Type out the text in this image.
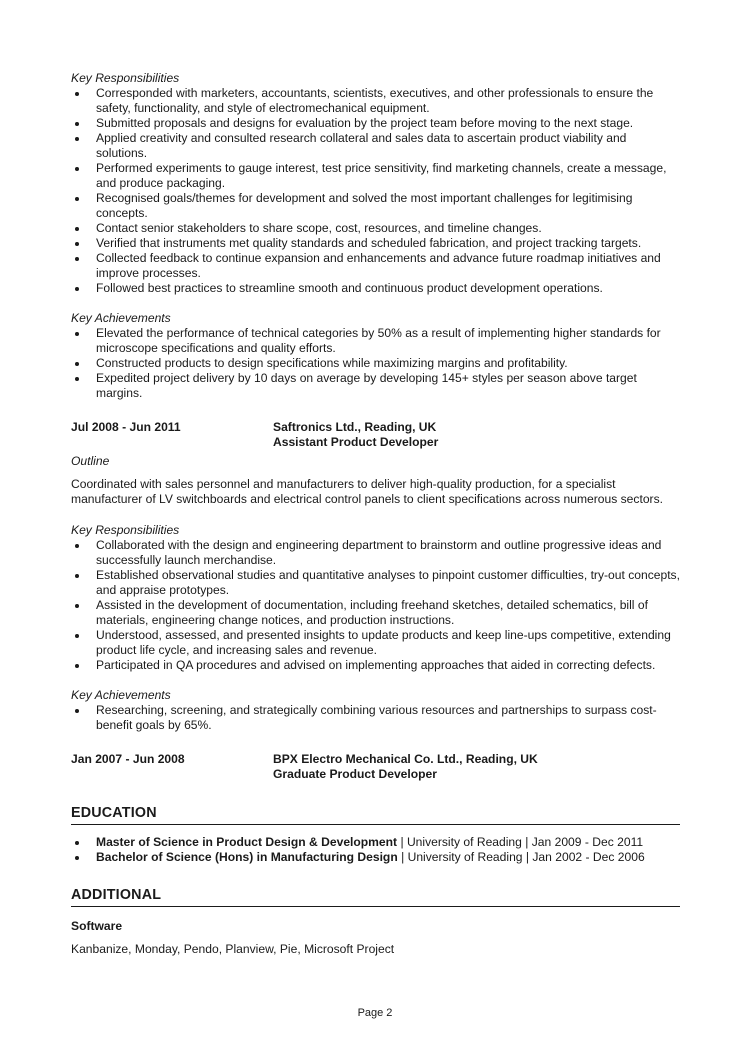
Key Responsibilities

Corresponded with marketers, accountants, scientists, executives, and other professionals to ensure the safety, functionality, and style of electromechanical equipment.
Submitted proposals and designs for evaluation by the project team before moving to the next stage.
Applied creativity and consulted research collateral and sales data to ascertain product viability and solutions.
Performed experiments to gauge interest, test price sensitivity, find marketing channels, create a message, and produce packaging.
Recognised goals/themes for development and solved the most important challenges for legitimising concepts.
Contact senior stakeholders to share scope, cost, resources, and timeline changes.
Verified that instruments met quality standards and scheduled fabrication, and project tracking targets.
Collected feedback to continue expansion and enhancements and advance future roadmap initiatives and improve processes.
Followed best practices to streamline smooth and continuous product development operations.

Key Achievements

Elevated the performance of technical categories by 50% as a result of implementing higher standards for microscope specifications and quality efforts.
Constructed products to design specifications while maximizing margins and profitability.
Expedited project delivery by 10 days on average by developing 145+ styles per season above target margins.
Jul 2008 - Jun 2011	Saftronics Ltd., Reading, UK
Assistant Product Developer

Outline

Coordinated with sales personnel and manufacturers to deliver high-quality production, for a specialist manufacturer of LV switchboards and electrical control panels to client specifications across numerous sectors.

Key Responsibilities

Collaborated with the design and engineering department to brainstorm and outline progressive ideas and successfully launch merchandise.
Established observational studies and quantitative analyses to pinpoint customer difficulties, try-out concepts, and appraise prototypes.
Assisted in the development of documentation, including freehand sketches, detailed schematics, bill of materials, engineering change notices, and production instructions.
Understood, assessed, and presented insights to update products and keep line-ups competitive, extending product life cycle, and increasing sales and revenue.
Participated in QA procedures and advised on implementing approaches that aided in correcting defects.

Key Achievements

Researching, screening, and strategically combining various resources and partnerships to surpass cost-benefit goals by 65%.
Jan 2007 - Jun 2008	BPX Electro Mechanical Co. Ltd., Reading, UK
Graduate Product Developer
EDUCATION
Master of Science in Product Design & Development | University of Reading | Jan 2009 - Dec 2011
Bachelor of Science (Hons) in Manufacturing Design | University of Reading | Jan 2002 - Dec 2006
ADDITIONAL
Software

Kanbanize, Monday, Pendo, Planview, Pie, Microsoft Project

Page 2
